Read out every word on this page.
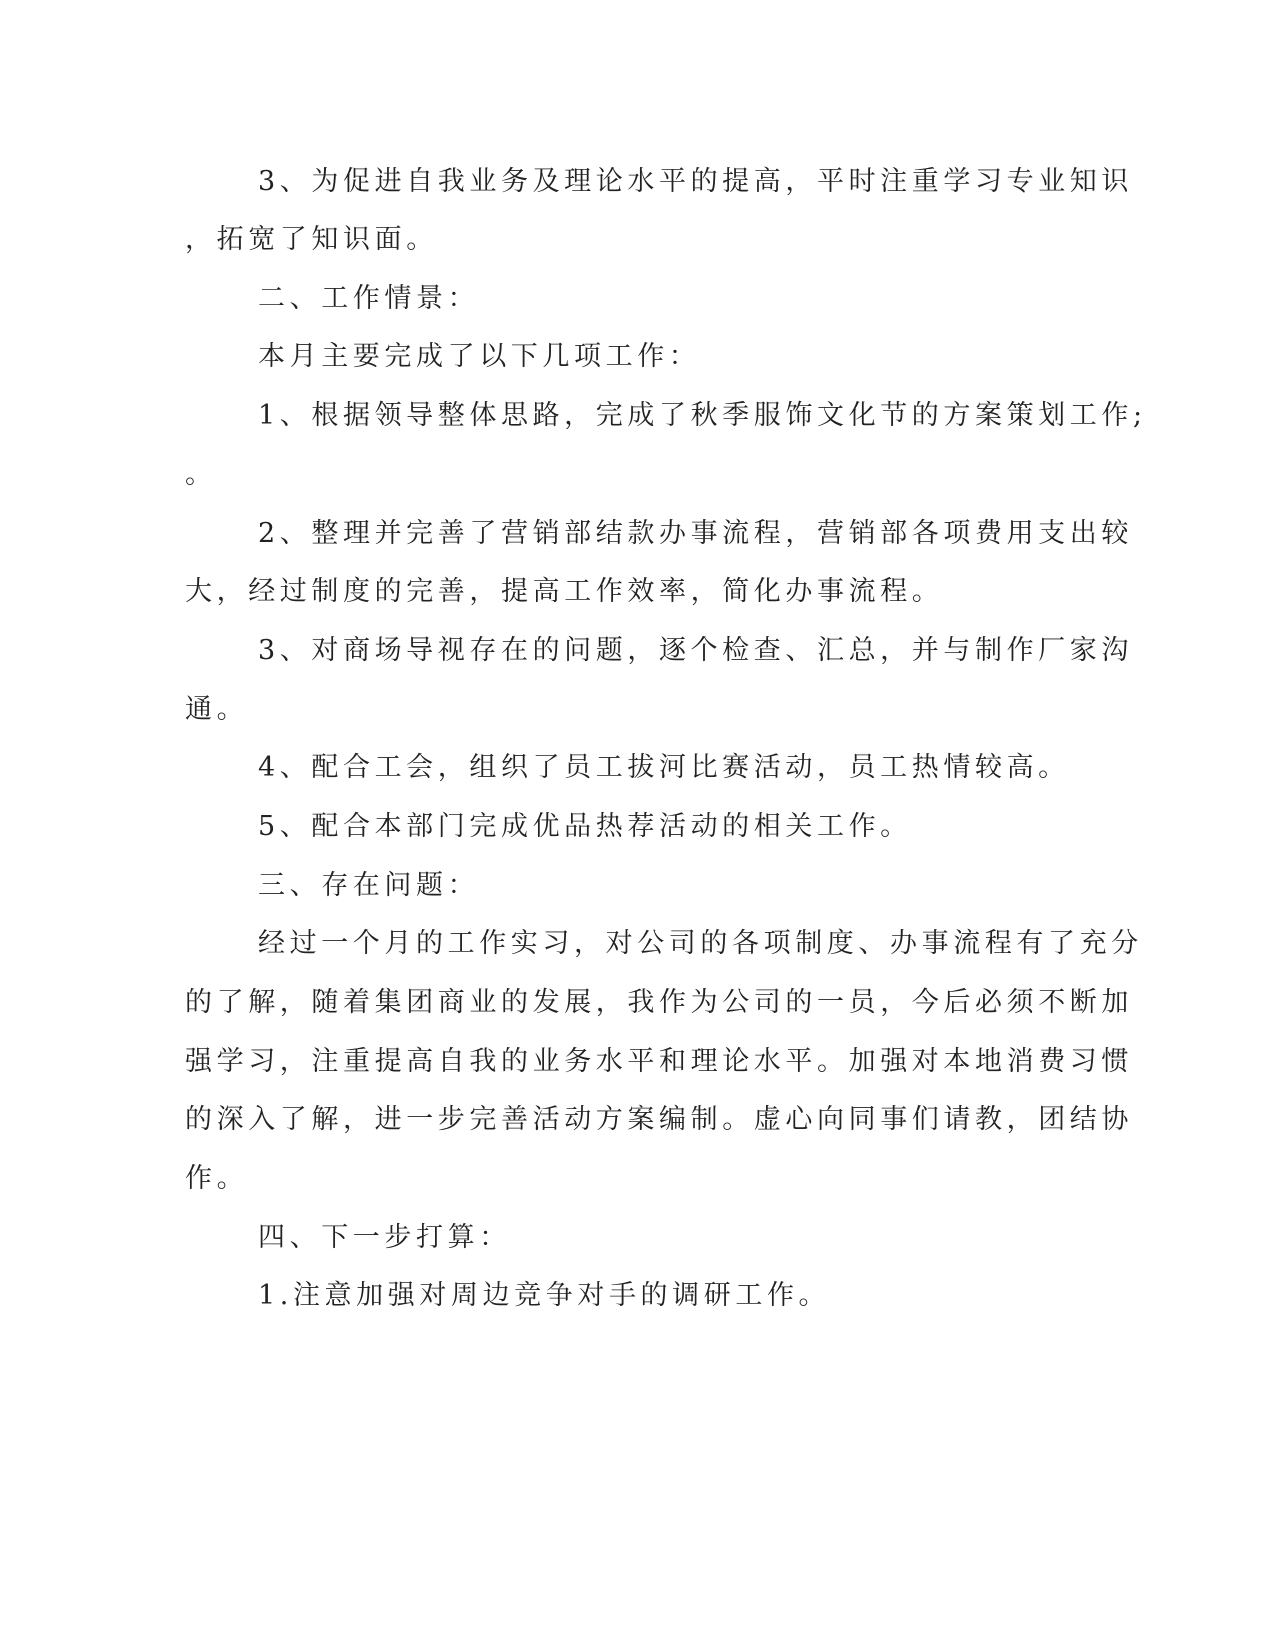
3、为促进自我业务及理论水平的提高，平时注重学习专业知识

，拓宽了知识面。

二、工作情景：

本月主要完成了以下几项工作：

1、根据领导整体思路，完成了秋季服饰文化节的方案策划工作;

。

2、整理并完善了营销部结款办事流程，营销部各项费用支出较

大，经过制度的完善，提高工作效率，简化办事流程。

3、对商场导视存在的问题，逐个检查、汇总，并与制作厂家沟

通。

4、配合工会，组织了员工拔河比赛活动，员工热情较高。

5、配合本部门完成优品热荐活动的相关工作。

三、存在问题：

经过一个月的工作实习，对公司的各项制度、办事流程有了充分

的了解，随着集团商业的发展，我作为公司的一员，今后必须不断加

强学习，注重提高自我的业务水平和理论水平。加强对本地消费习惯

的深入了解，进一步完善活动方案编制。虚心向同事们请教，团结协

作。

四、下一步打算：

1.注意加强对周边竞争对手的调研工作。
